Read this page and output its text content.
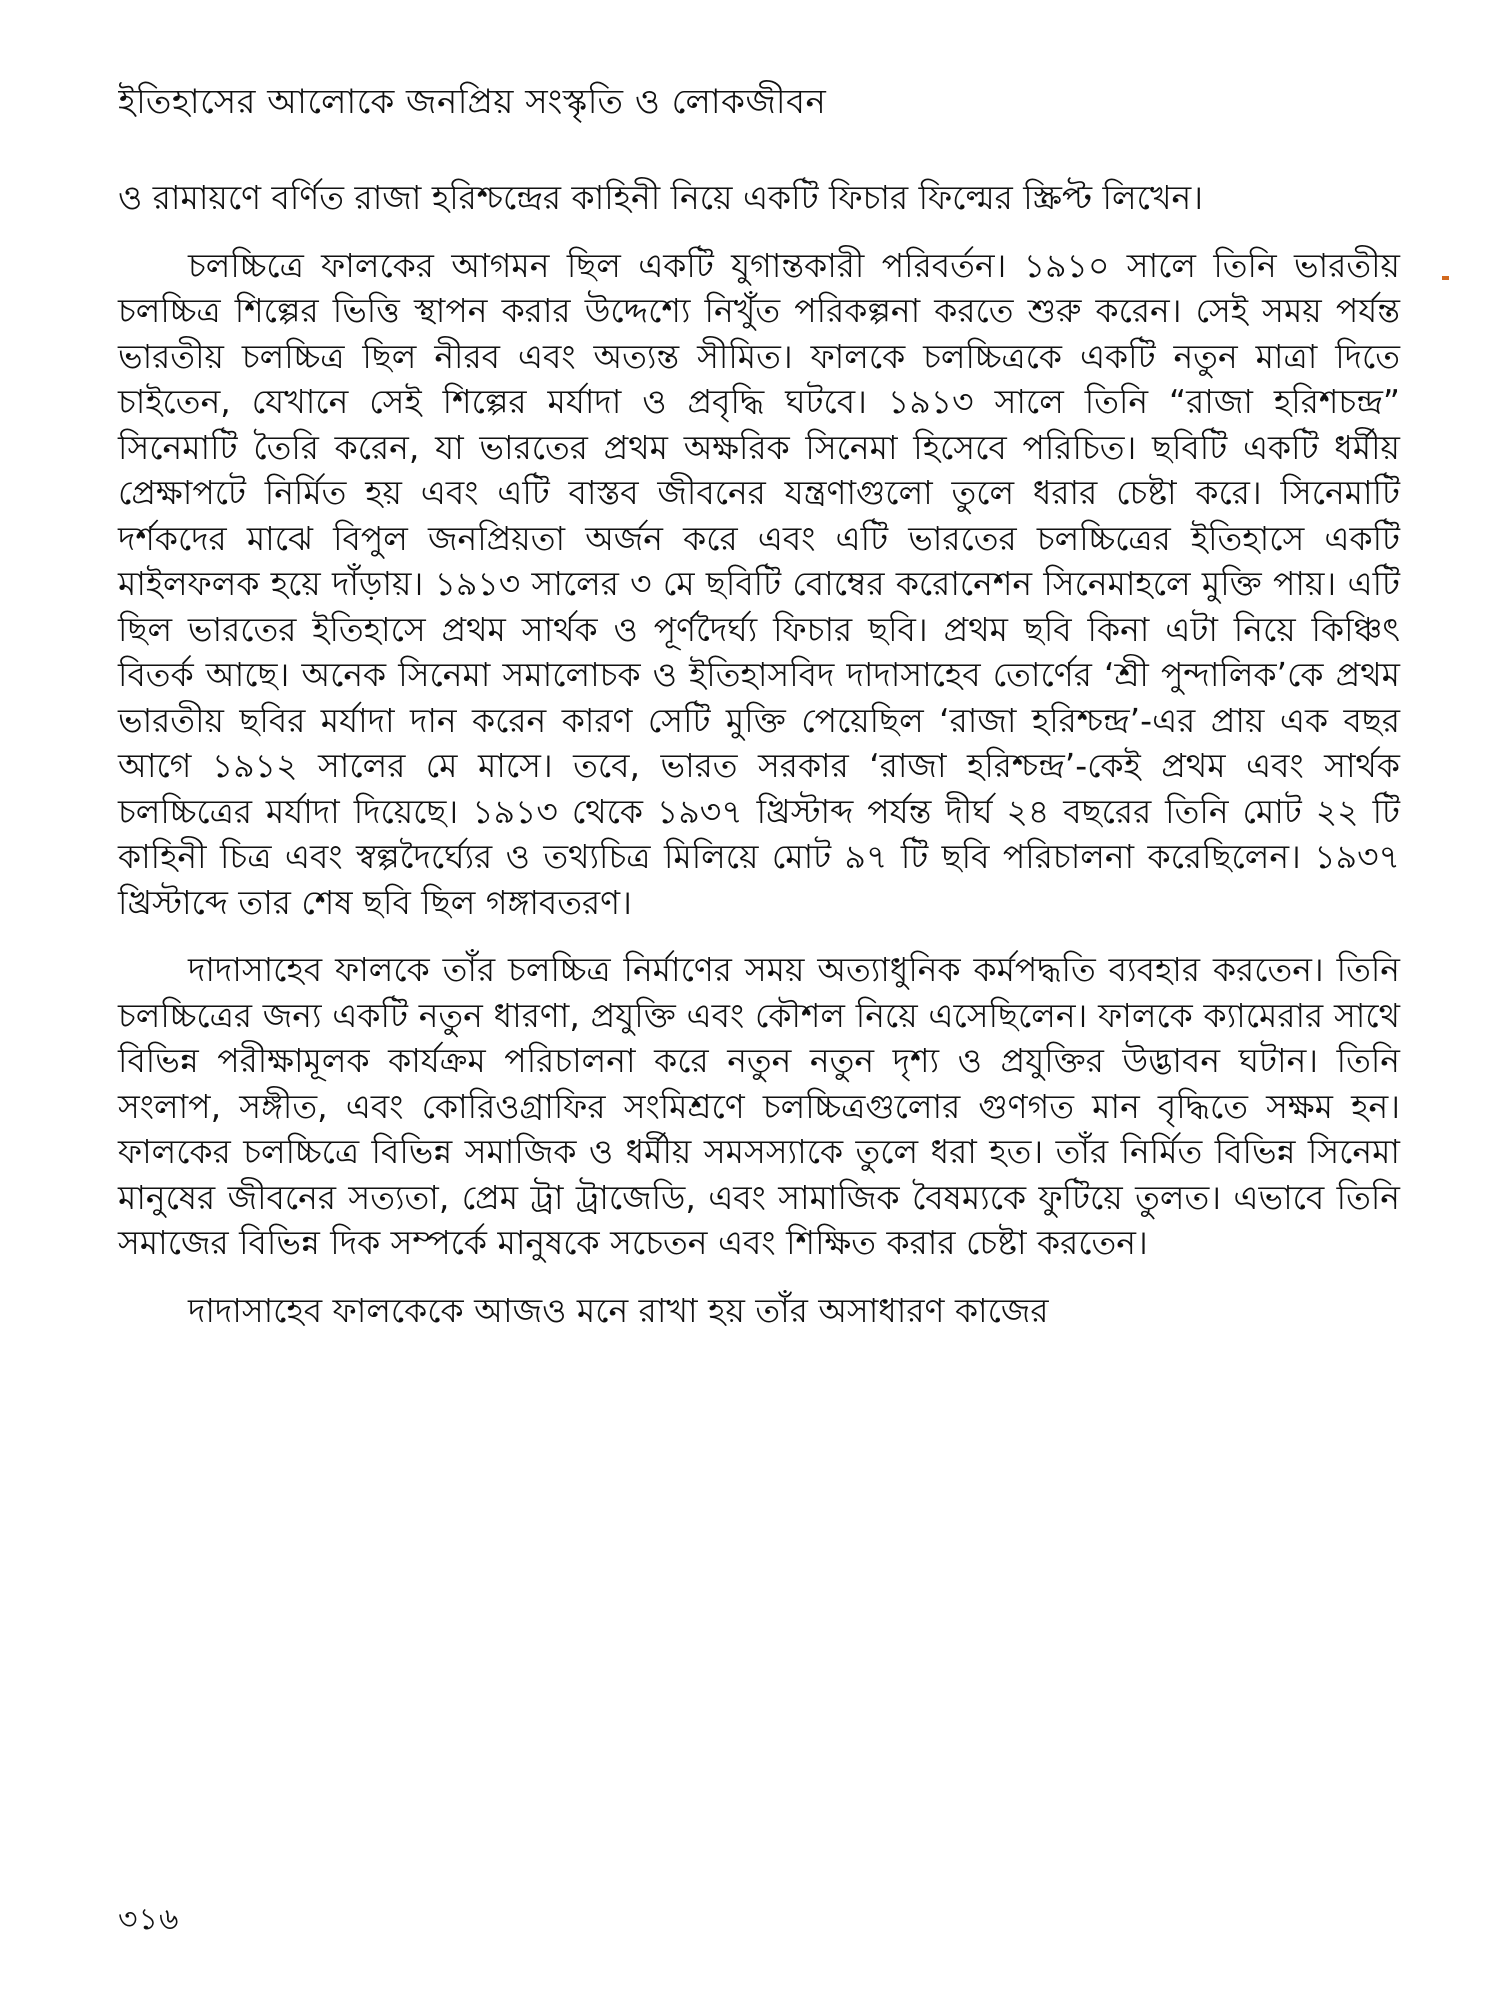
ইতিহাসের আলোকে জনপ্রিয় সংস্কৃতি ও লোকজীবন

ও রামায়ণে বর্ণিত রাজা হরিশ্চন্দ্রের কাহিনী নিয়ে একটি ফিচার ফিল্মের স্ক্রিপ্ট লিখেন।

চলচ্চিত্রে ফালকের আগমন ছিল একটি যুগান্তকারী পরিবর্তন। ১৯১০ সালে তিনি ভারতীয় চলচ্চিত্র শিল্পের ভিত্তি স্থাপন করার উদ্দেশ্যে নিখুঁত পরিকল্পনা করতে শুরু করেন। সেই সময় পর্যন্ত ভারতীয় চলচ্চিত্র ছিল নীরব এবং অত্যন্ত সীমিত। ফালকে চলচ্চিত্রকে একটি নতুন মাত্রা দিতে চাইতেন, যেখানে সেই শিল্পের মর্যাদা ও প্রবৃদ্ধি ঘটবে। ১৯১৩ সালে তিনি “রাজা হরিশচন্দ্র” সিনেমাটি তৈরি করেন, যা ভারতের প্রথম অক্ষরিক সিনেমা হিসেবে পরিচিত। ছবিটি একটি ধর্মীয় প্রেক্ষাপটে নির্মিত হয় এবং এটি বাস্তব জীবনের যন্ত্রণাগুলো তুলে ধরার চেষ্টা করে। সিনেমাটি দর্শকদের মাঝে বিপুল জনপ্রিয়তা অর্জন করে এবং এটি ভারতের চলচ্চিত্রের ইতিহাসে একটি মাইলফলক হয়ে দাঁড়ায়। ১৯১৩ সালের ৩ মে ছবিটি বোম্বের করোনেশন সিনেমাহলে মুক্তি পায়। এটি ছিল ভারতের ইতিহাসে প্রথম সার্থক ও পূর্ণদৈর্ঘ্য ফিচার ছবি। প্রথম ছবি কিনা এটা নিয়ে কিঞ্চিৎ বিতর্ক আছে। অনেক সিনেমা সমালোচক ও ইতিহাসবিদ দাদাসাহেব তোর্ণের ‘শ্রী পুন্দালিক’কে প্রথম ভারতীয় ছবির মর্যাদা দান করেন কারণ সেটি মুক্তি পেয়েছিল ‘রাজা হরিশ্চন্দ্র’-এর প্রায় এক বছর আগে ১৯১২ সালের মে মাসে। তবে, ভারত সরকার ‘রাজা হরিশ্চন্দ্র’-কেই প্রথম এবং সার্থক চলচ্চিত্রের মর্যাদা দিয়েছে। ১৯১৩ থেকে ১৯৩৭ খ্রিস্টাব্দ পর্যন্ত দীর্ঘ ২৪ বছরের তিনি মোট ২২ টি কাহিনী চিত্র এবং স্বল্পদৈর্ঘ্যের ও তথ্যচিত্র মিলিয়ে মোট ৯৭ টি ছবি পরিচালনা করেছিলেন। ১৯৩৭ খ্রিস্টাব্দে তার শেষ ছবি ছিল গঙ্গাবতরণ।

দাদাসাহেব ফালকে তাঁর চলচ্চিত্র নির্মাণের সময় অত্যাধুনিক কর্মপদ্ধতি ব্যবহার করতেন। তিনি চলচ্চিত্রের জন্য একটি নতুন ধারণা, প্রযুক্তি এবং কৌশল নিয়ে এসেছিলেন। ফালকে ক্যামেরার সাথে বিভিন্ন পরীক্ষামূলক কার্যক্রম পরিচালনা করে নতুন নতুন দৃশ্য ও প্রযুক্তির উদ্ভাবন ঘটান। তিনি সংলাপ, সঙ্গীত, এবং কোরিওগ্রাফির সংমিশ্রণে চলচ্চিত্রগুলোর গুণগত মান বৃদ্ধিতে সক্ষম হন। ফালকের চলচ্চিত্রে বিভিন্ন সমাজিক ও ধর্মীয় সমসস্যাকে তুলে ধরা হত। তাঁর নির্মিত বিভিন্ন সিনেমা মানুষের জীবনের সত্যতা, প্রেম ট্রা ট্রাজেডি, এবং সামাজিক বৈষম্যকে ফুটিয়ে তুলত। এভাবে তিনি সমাজের বিভিন্ন দিক সম্পর্কে মানুষকে সচেতন এবং শিক্ষিত করার চেষ্টা করতেন।

দাদাসাহেব ফালকেকে আজও মনে রাখা হয় তাঁর অসাধারণ কাজের

৩১৬
